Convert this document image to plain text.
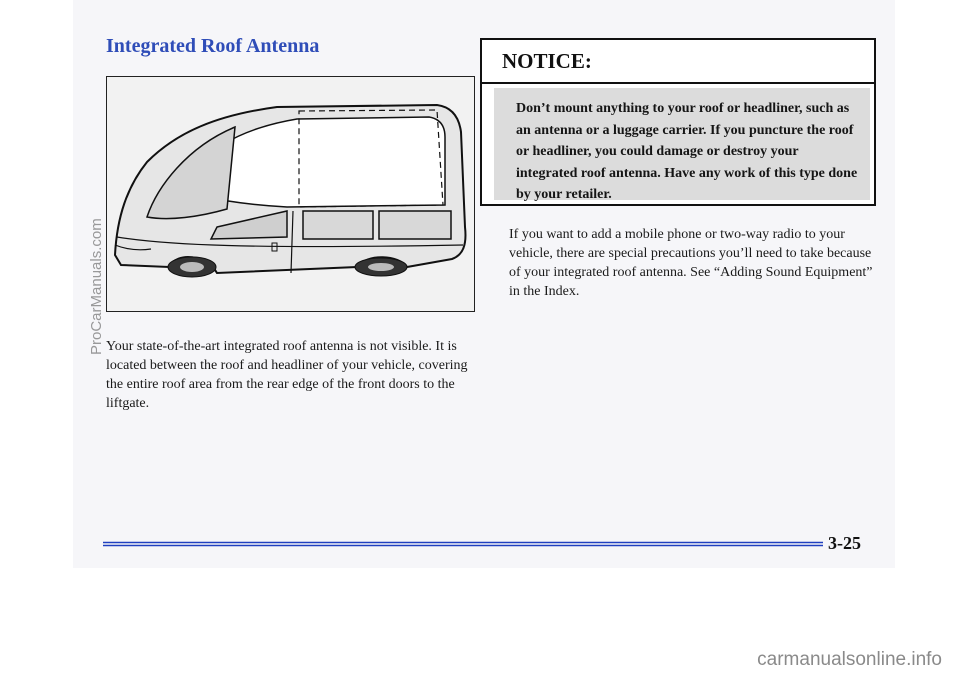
Integrated Roof Antenna

Your state-of-the-art integrated roof antenna is not visible. It is located between the roof and headliner of your vehicle, covering the entire roof area from the rear edge of the front doors to the liftgate.

NOTICE:

Don’t mount anything to your roof or headliner, such as an antenna or a luggage carrier. If you puncture the roof or headliner, you could damage or destroy your integrated roof antenna. Have any work of this type done by your retailer.

If you want to add a mobile phone or two-way radio to your vehicle, there are special precautions you’ll need to take because of your integrated roof antenna. See “Adding Sound Equipment” in the Index.

3-25
ProCarManuals.com
carmanualsonline.info
